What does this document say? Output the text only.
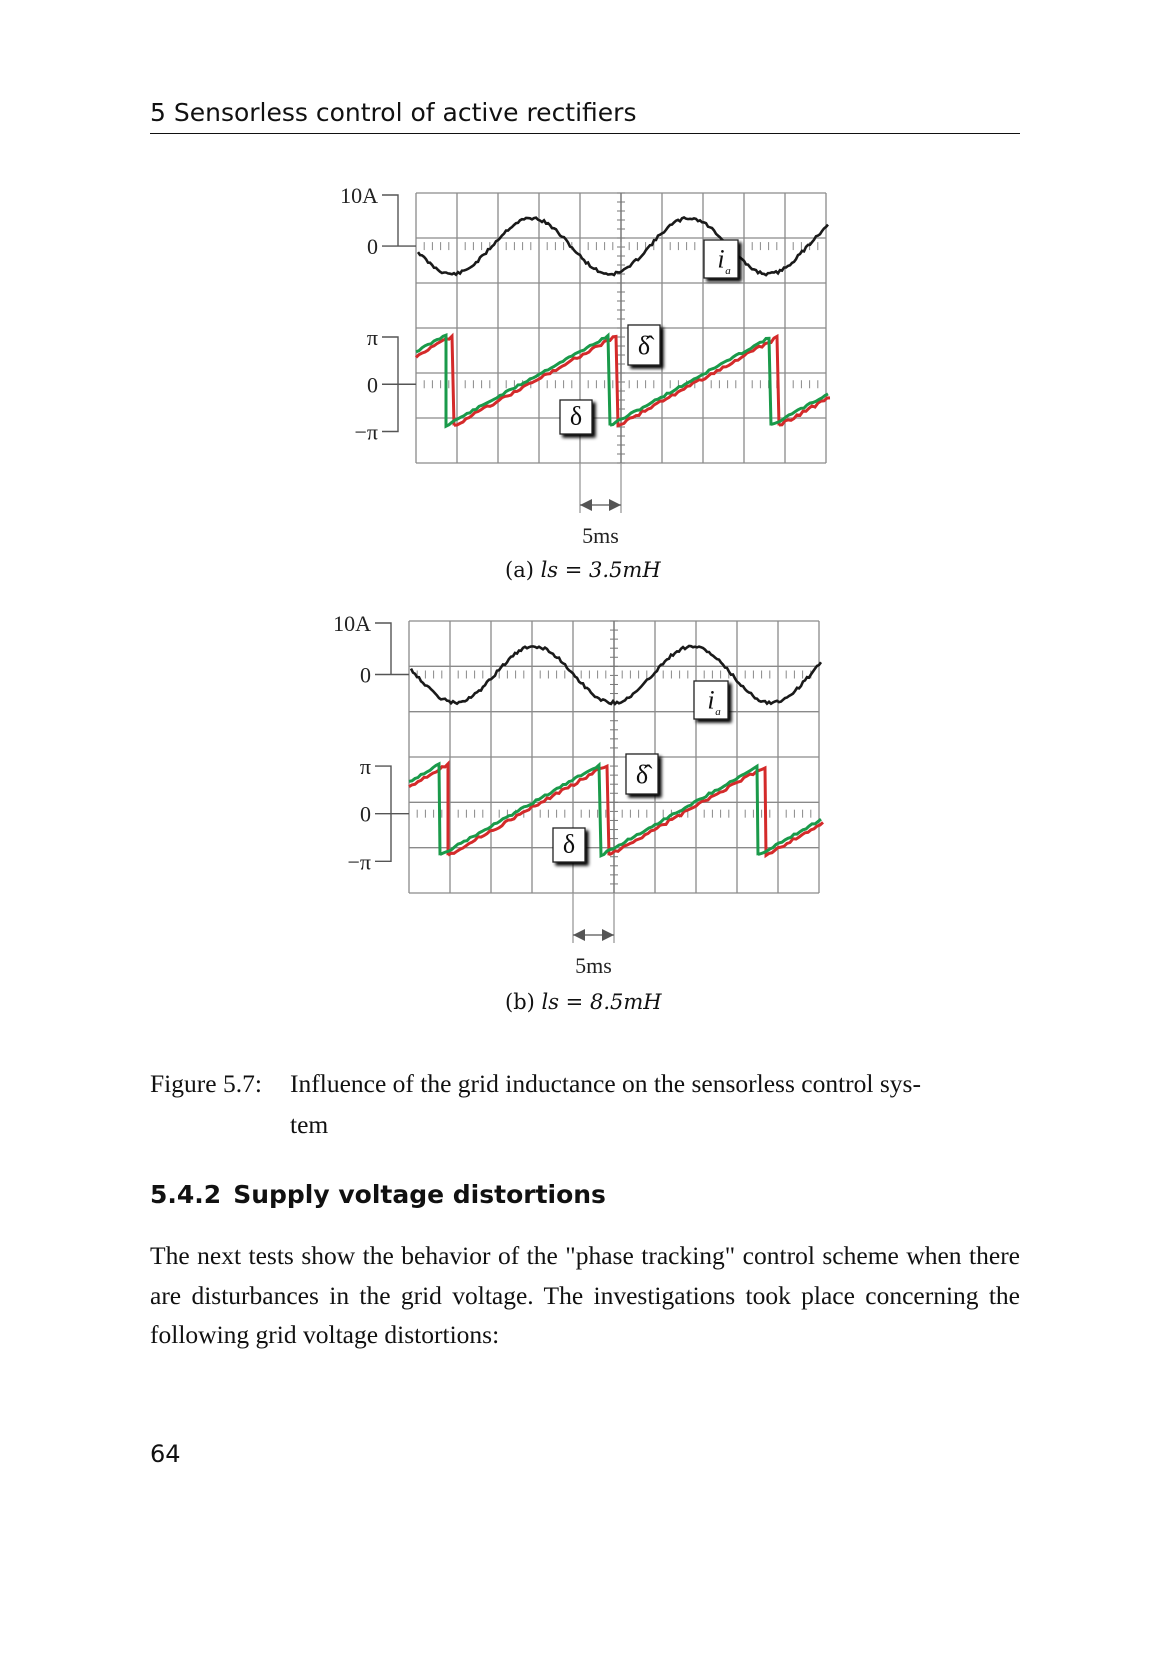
5 Sensorless control of active rectifiers
10A
0
π
0
−π
i a
δ̂
δ
5ms
10A
0
π
0
−π
i a
δ̂
δ
5ms
(a) ls = 3.5mH
(b) ls = 8.5mH
Figure 5.7: Influence of the grid inductance on the sensorless control sys-
tem
5.4.2 Supply voltage distortions
The next tests show the behavior of the "phase tracking" control scheme when there are disturbances in the grid voltage. The investigations took place concerning the following grid voltage distortions:
64
